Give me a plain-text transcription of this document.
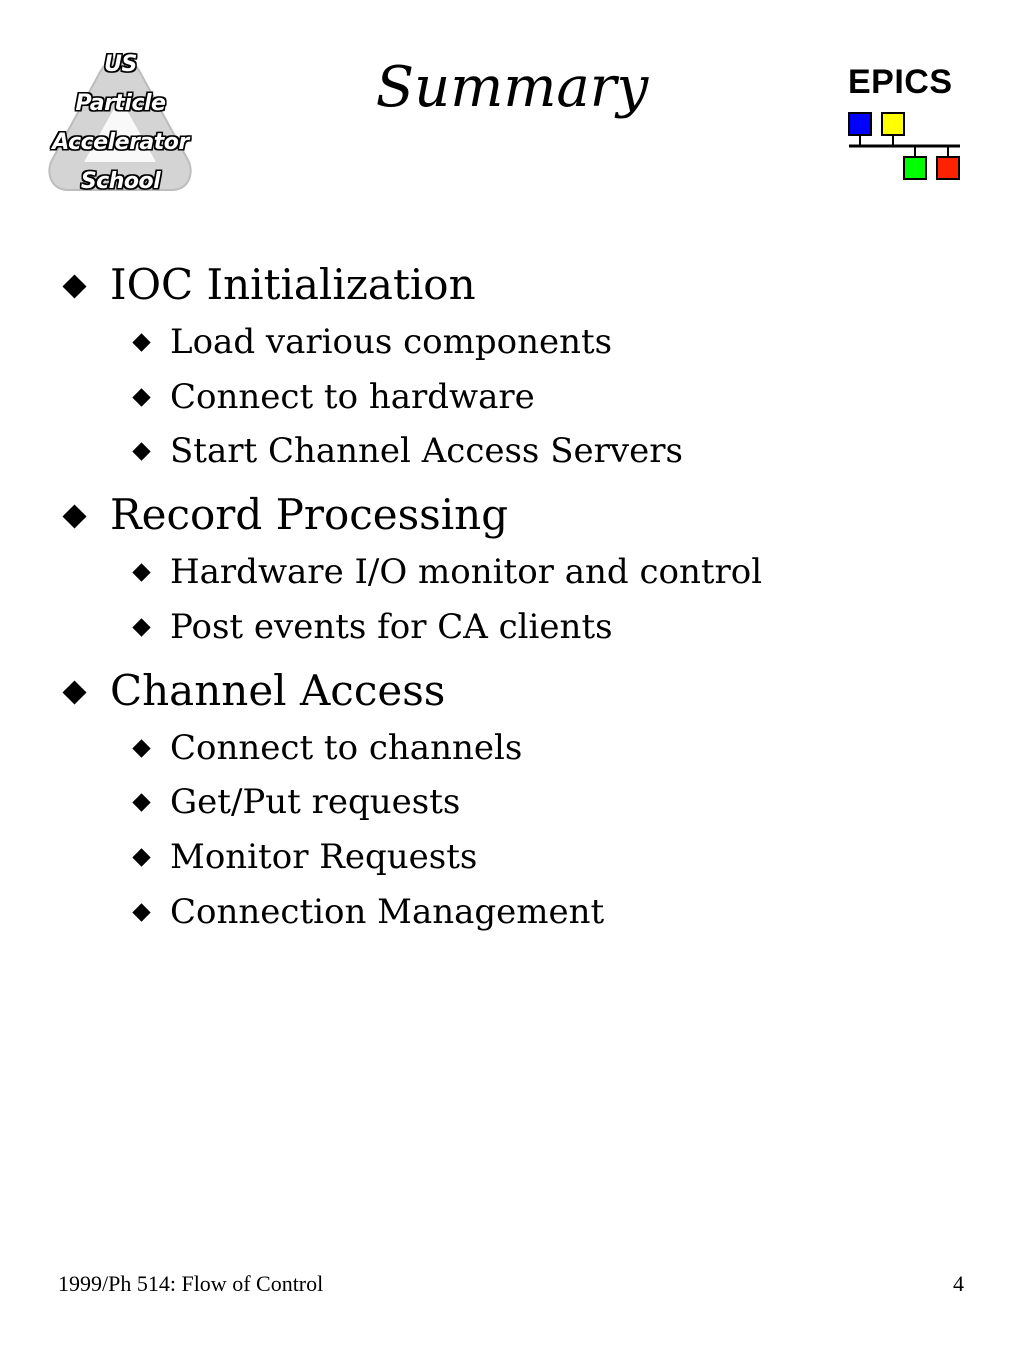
US
Particle
Accelerator
School
Summary	EPICS
IOC Initialization
Load various components
Connect to hardware
Start Channel Access Servers
Record Processing
Hardware I/O monitor and control
Post events for CA clients
Channel Access
Connect to channels
Get/Put requests
Monitor Requests
Connection Management
1999/Ph 514: Flow of Control	4
